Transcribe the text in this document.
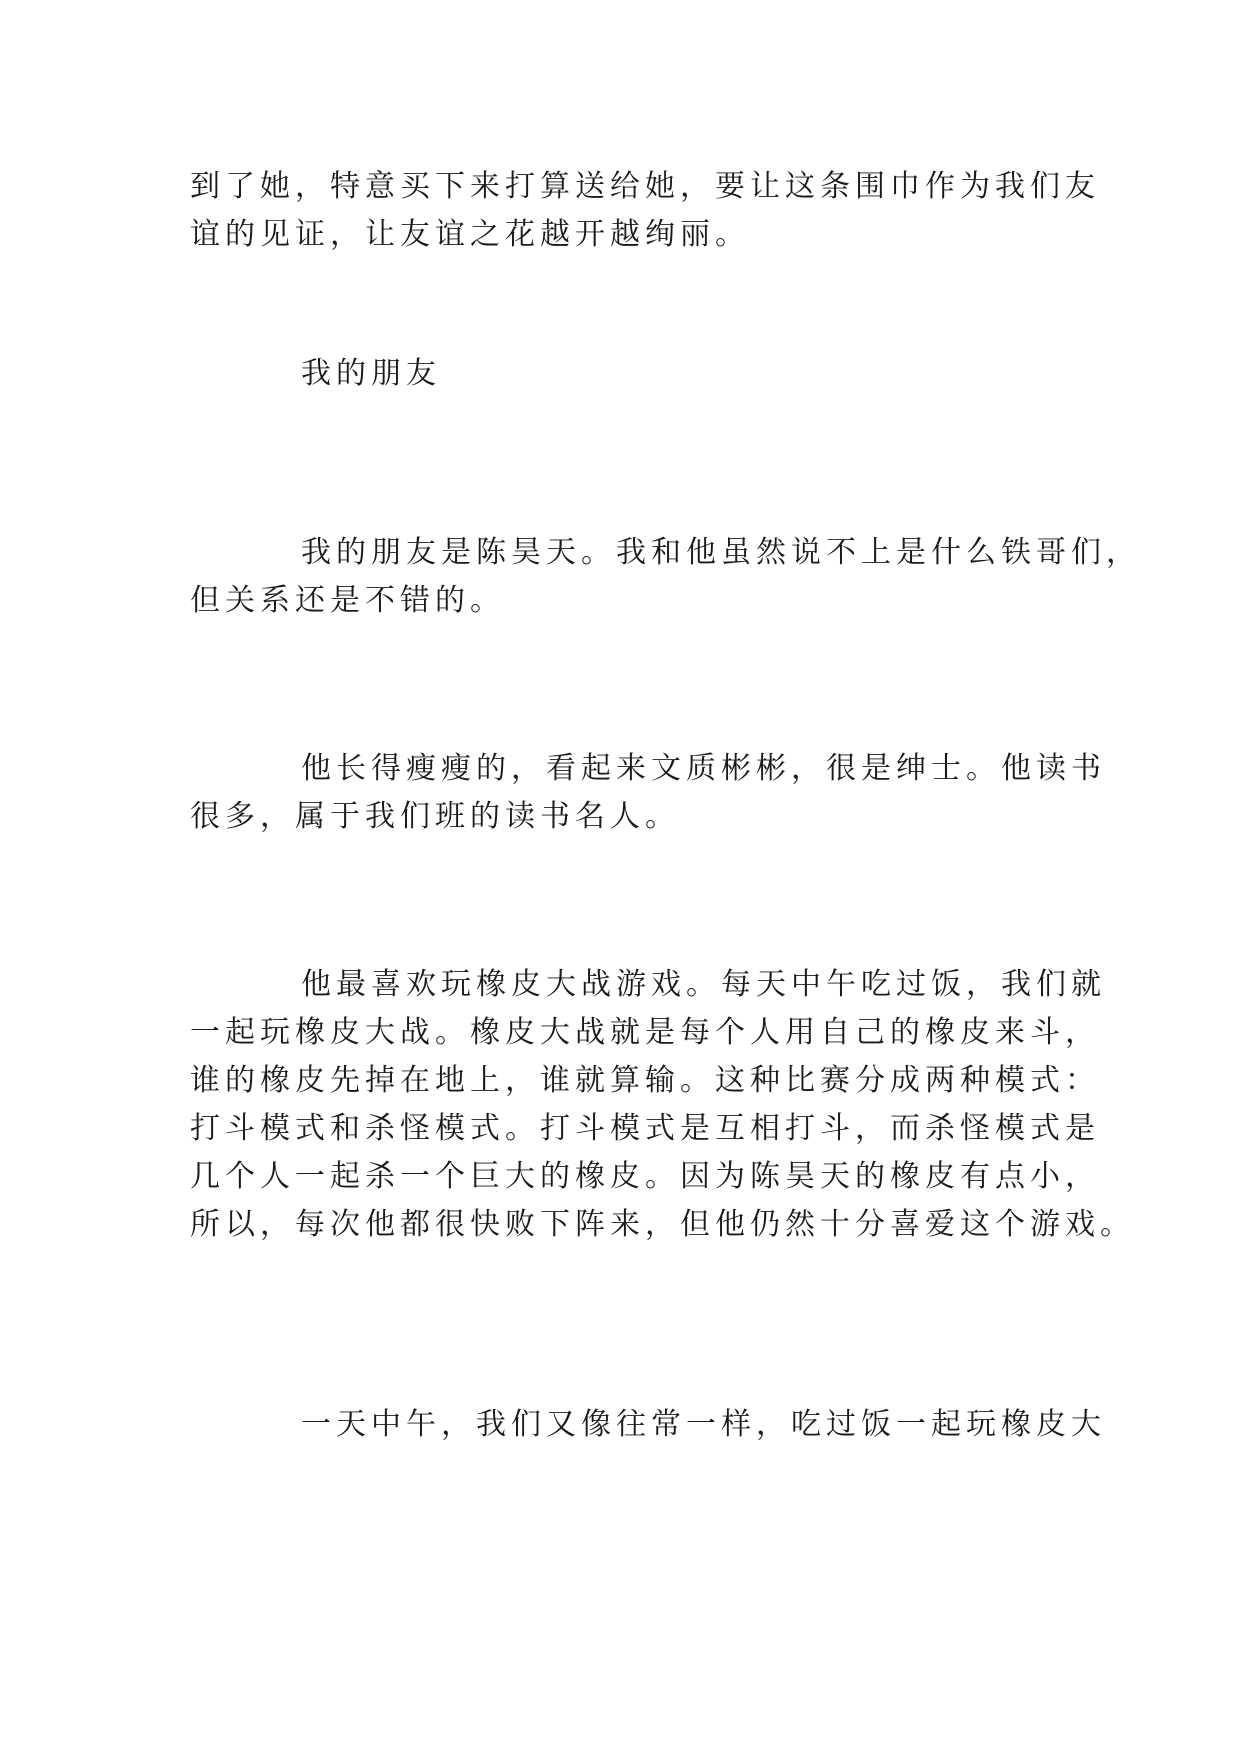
到了她，特意买下来打算送给她，要让这条围巾作为我们友
谊的见证，让友谊之花越开越绚丽。

我的朋友

我的朋友是陈昊天。我和他虽然说不上是什么铁哥们，
但关系还是不错的。

他长得瘦瘦的，看起来文质彬彬，很是绅士。他读书
很多，属于我们班的读书名人。

他最喜欢玩橡皮大战游戏。每天中午吃过饭，我们就
一起玩橡皮大战。橡皮大战就是每个人用自己的橡皮来斗，
谁的橡皮先掉在地上，谁就算输。这种比赛分成两种模式：
打斗模式和杀怪模式。打斗模式是互相打斗，而杀怪模式是
几个人一起杀一个巨大的橡皮。因为陈昊天的橡皮有点小，
所以，每次他都很快败下阵来，但他仍然十分喜爱这个游戏。

一天中午，我们又像往常一样，吃过饭一起玩橡皮大
